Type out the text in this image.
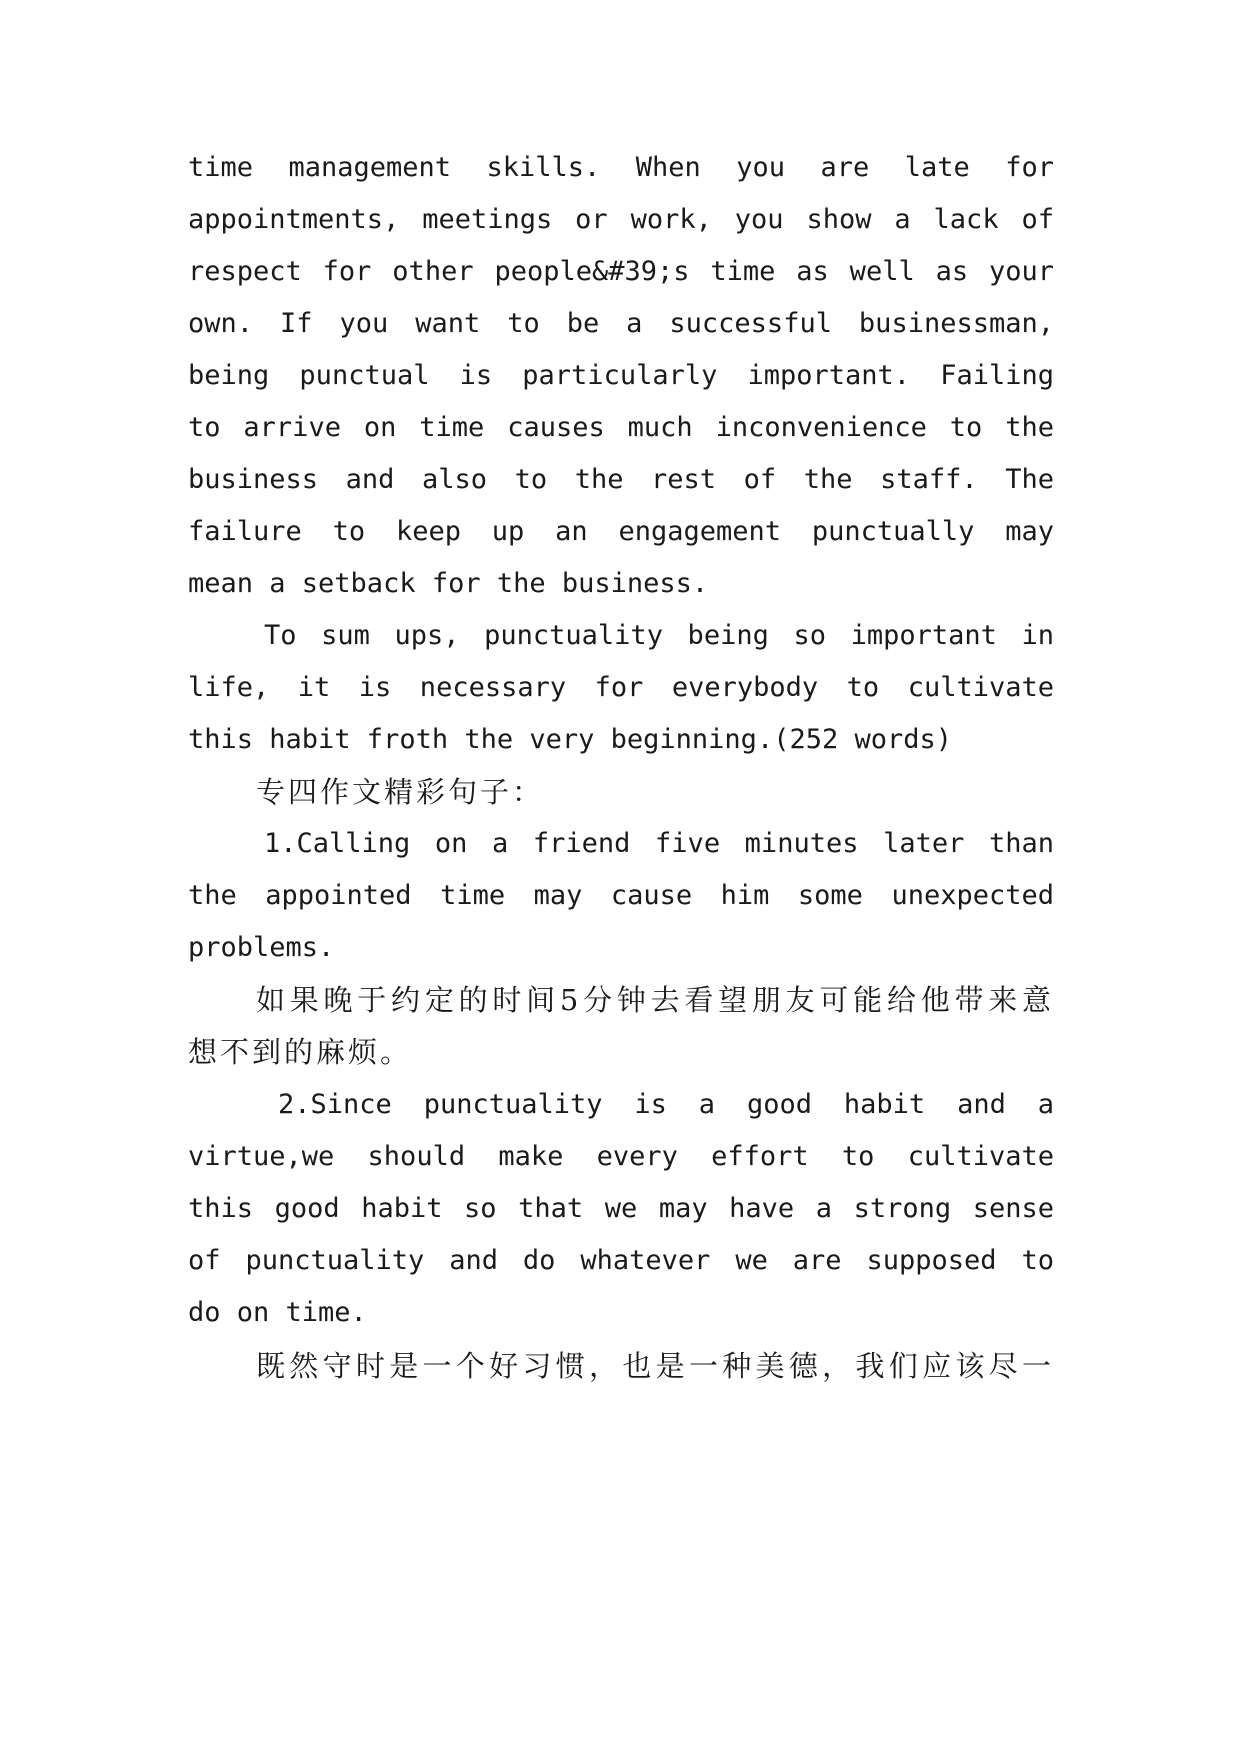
time management skills. When you are late for
appointments, meetings or work, you show a lack of
respect for other people&#39;s time as well as your
own. If you want to be a successful businessman,
being punctual is particularly important. Failing
to arrive on time causes much inconvenience to the
business and also to the rest of the staff. The
failure to keep up an engagement punctually may
mean a setback for the business.
To sum ups, punctuality being so important in
life, it is necessary for everybody to cultivate
this habit froth the very beginning.(252 words)
专四作文精彩句子：
1.Calling on a friend five minutes later than
the appointed time may cause him some unexpected
problems.
如果晚于约定的时间5分钟去看望朋友可能给他带来意
想不到的麻烦。
2.Since punctuality is a good habit and a
virtue,we should make every effort to cultivate
this good habit so that we may have a strong sense
of punctuality and do whatever we are supposed to
do on time.
既然守时是一个好习惯，也是一种美德，我们应该尽一
